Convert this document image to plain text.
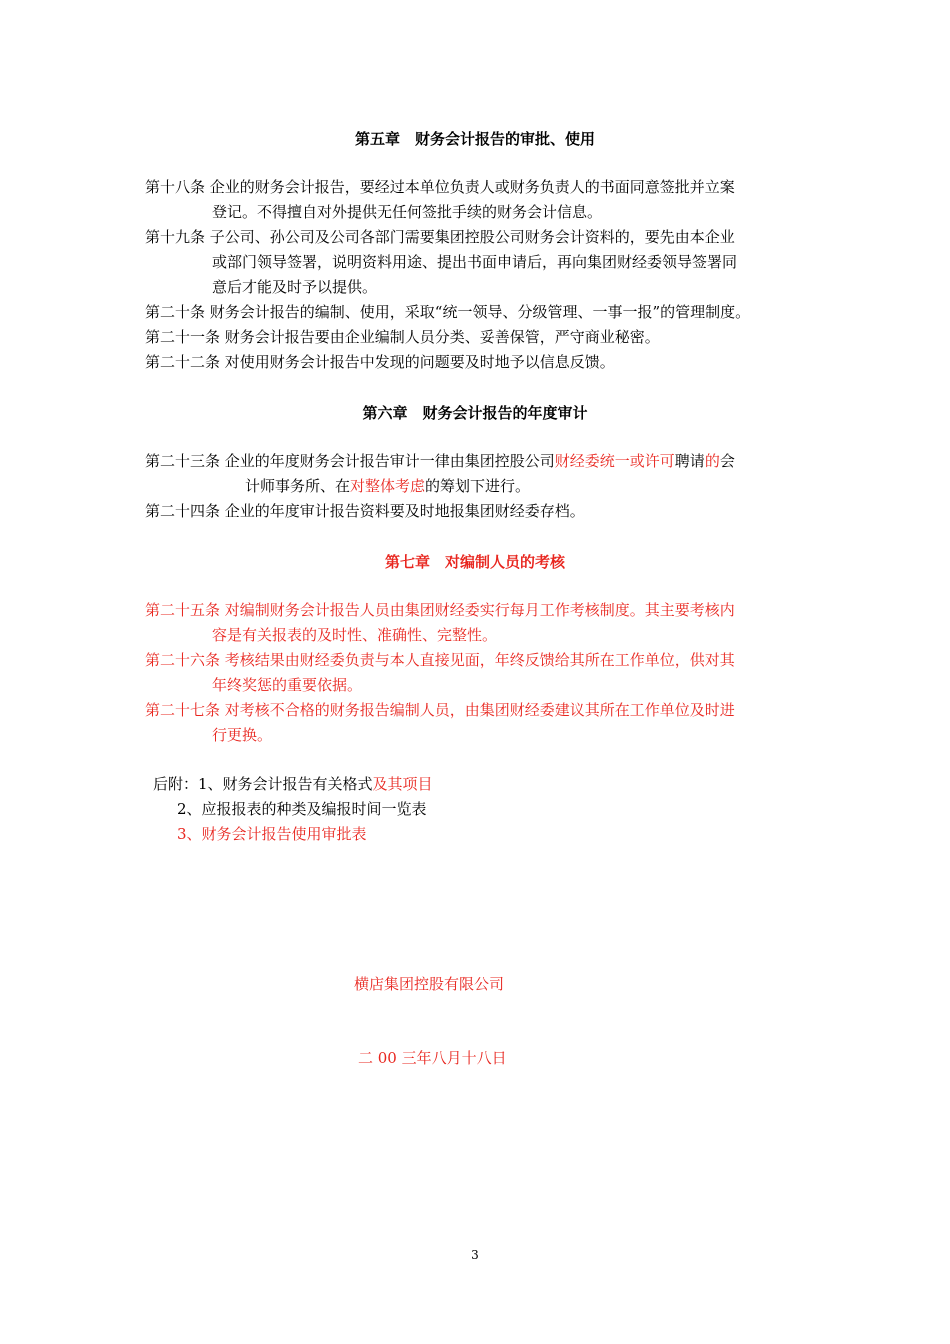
第五章　财务会计报告的审批、使用
第十八条 企业的财务会计报告，要经过本单位负责人或财务负责人的书面同意签批并立案
登记。不得擅自对外提供无任何签批手续的财务会计信息。
第十九条 子公司、孙公司及公司各部门需要集团控股公司财务会计资料的，要先由本企业
或部门领导签署，说明资料用途、提出书面申请后，再向集团财经委领导签署同
意后才能及时予以提供。
第二十条 财务会计报告的编制、使用，采取“统一领导、分级管理、一事一报”的管理制度。
第二十一条 财务会计报告要由企业编制人员分类、妥善保管，严守商业秘密。
第二十二条 对使用财务会计报告中发现的问题要及时地予以信息反馈。
第六章　财务会计报告的年度审计
第二十三条 企业的年度财务会计报告审计一律由集团控股公司财经委统一或许可聘请的会
计师事务所、在对整体考虑的筹划下进行。
第二十四条 企业的年度审计报告资料要及时地报集团财经委存档。
第七章　对编制人员的考核
第二十五条 对编制财务会计报告人员由集团财经委实行每月工作考核制度。其主要考核内
容是有关报表的及时性、准确性、完整性。
第二十六条 考核结果由财经委负责与本人直接见面，年终反馈给其所在工作单位，供对其
年终奖惩的重要依据。
第二十七条 对考核不合格的财务报告编制人员，由集团财经委建议其所在工作单位及时进
行更换。
后附：1、财务会计报告有关格式及其项目
2、应报报表的种类及编报时间一览表
3、财务会计报告使用审批表
横店集团控股有限公司
二 00 三年八月十八日
3
